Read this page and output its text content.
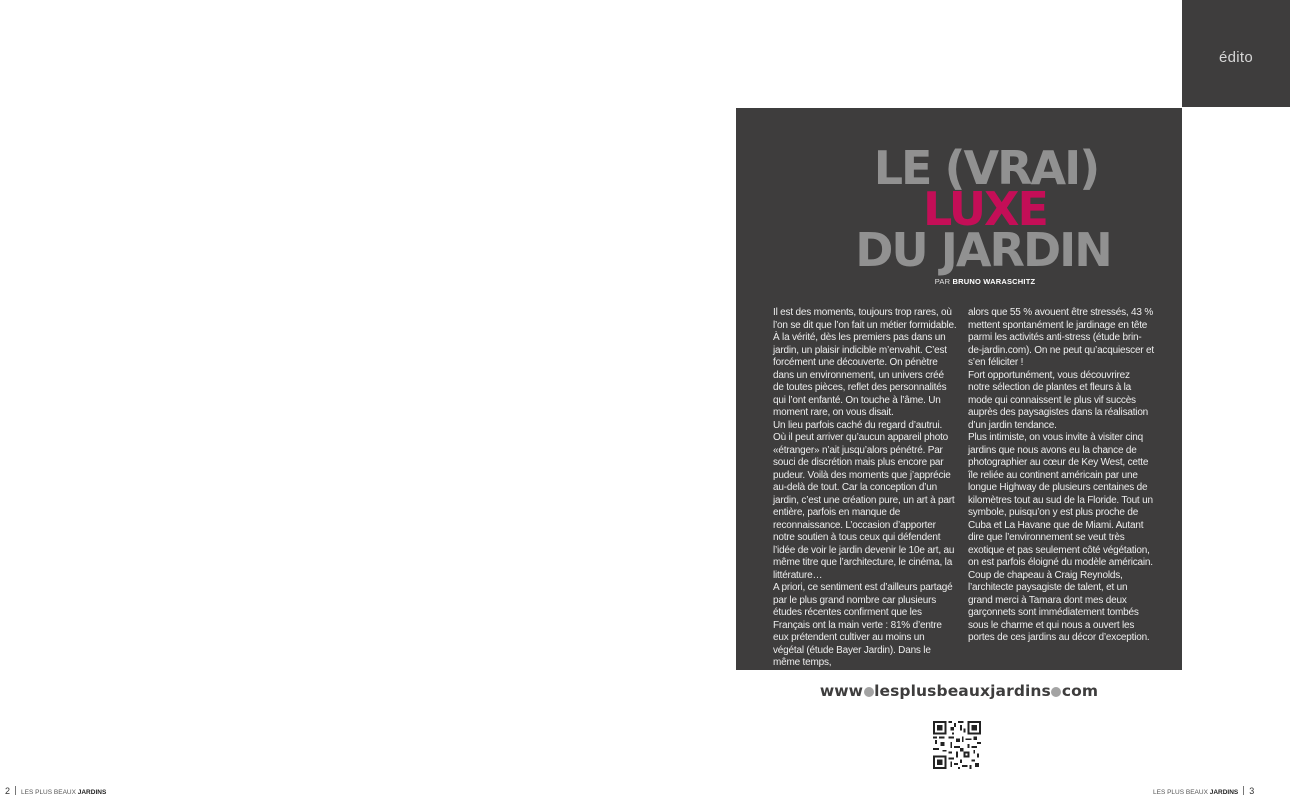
édito
LE (VRAI)
LUXE
DU JARDIN
PAR BRUNO WARASCHITZ

Il est des moments, toujours trop rares, où l’on se dit que l’on fait un métier formidable. À la vérité, dès les premiers pas dans un jardin, un plaisir indicible m’envahit. C’est forcément une découverte. On pénètre dans un environnement, un univers créé de toutes pièces, reflet des personnalités qui l’ont enfanté. On touche à l’âme. Un moment rare, on vous disait.

Un lieu parfois caché du regard d’autrui. Où il peut arriver qu’aucun appareil photo «étranger» n’ait jusqu’alors pénétré. Par souci de discrétion mais plus encore par pudeur. Voilà des moments que j’apprécie au-delà de tout. Car la conception d’un jardin, c’est une création pure, un art à part entière, parfois en manque de reconnaissance. L’occasion d’apporter notre soutien à tous ceux qui défendent l’idée de voir le jardin devenir le 10e art, au même titre que l’architecture, le cinéma, la littérature…

A priori, ce sentiment est d’ailleurs partagé par le plus grand nombre car plusieurs études récentes confirment que les Français ont la main verte : 81% d’entre eux prétendent cultiver au moins un végétal (étude Bayer Jardin). Dans le même temps,

alors que 55 % avouent être stressés, 43 % mettent spontanément le jardinage en tête parmi les activités anti-stress (étude brin-de-jardin.com). On ne peut qu’acquiescer et s’en féliciter !

Fort opportunément, vous découvrirez notre sélection de plantes et fleurs à la mode qui connaissent le plus vif succès auprès des paysagistes dans la réalisation d’un jardin tendance.

Plus intimiste, on vous invite à visiter cinq jardins que nous avons eu la chance de photographier au cœur de Key West, cette île reliée au continent américain par une longue Highway de plusieurs centaines de kilomètres tout au sud de la Floride. Tout un symbole, puisqu’on y est plus proche de Cuba et La Havane que de Miami. Autant dire que l’environnement se veut très exotique et pas seulement côté végétation, on est parfois éloigné du modèle américain.

Coup de chapeau à Craig Reynolds, l’architecte paysagiste de talent, et un grand merci à Tamara dont mes deux garçonnets sont immédiatement tombés sous le charme et qui nous a ouvert les portes de ces jardins au décor d’exception.

www lesplusbeauxjardins com
2 LES PLUS BEAUX JARDINS	LES PLUS BEAUX JARDINS 3
